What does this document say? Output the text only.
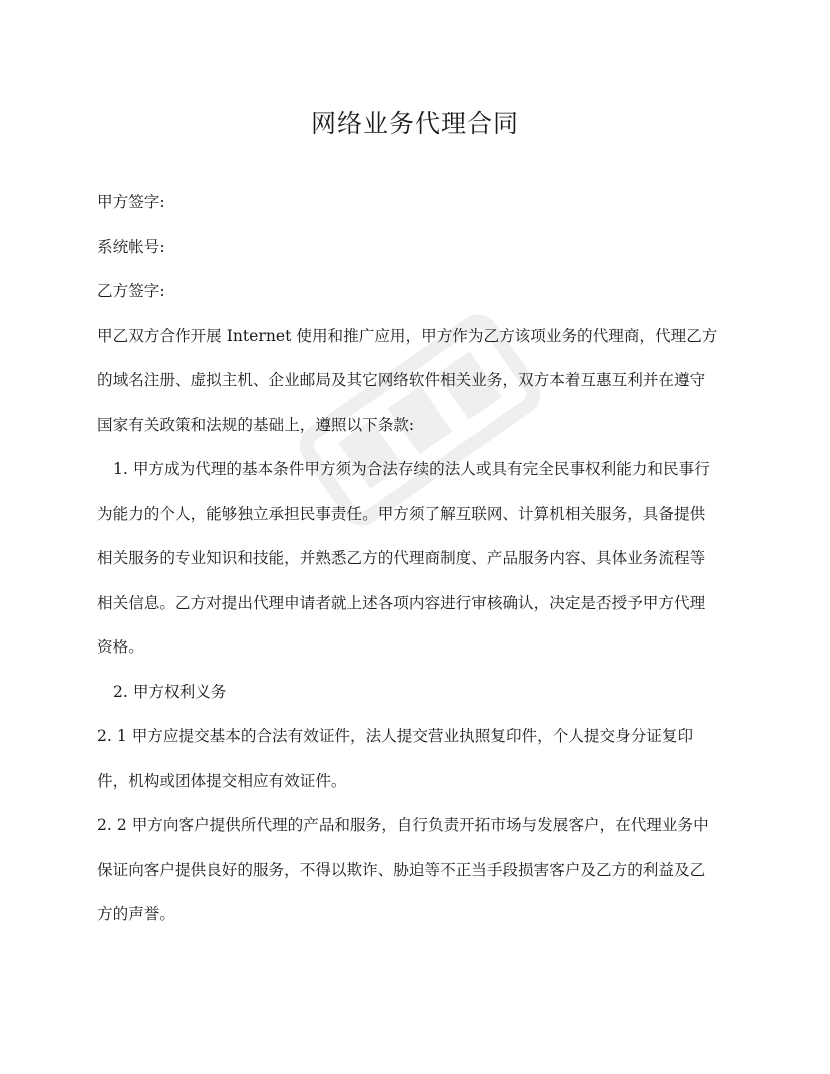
网络业务代理合同
甲方签字:
系统帐号:
乙方签字:
甲乙双方合作开展 Internet 使用和推广应用，甲方作为乙方该项业务的代理商，代理乙方
的域名注册、虚拟主机、企业邮局及其它网络软件相关业务，双方本着互惠互利并在遵守
国家有关政策和法规的基础上，遵照以下条款:
1. 甲方成为代理的基本条件甲方须为合法存续的法人或具有完全民事权利能力和民事行
为能力的个人，能够独立承担民事责任。甲方须了解互联网、计算机相关服务，具备提供
相关服务的专业知识和技能，并熟悉乙方的代理商制度、产品服务内容、具体业务流程等
相关信息。乙方对提出代理申请者就上述各项内容进行审核确认，决定是否授予甲方代理
资格。
2. 甲方权利义务
2. 1 甲方应提交基本的合法有效证件，法人提交营业执照复印件，个人提交身分证复印
件，机构或团体提交相应有效证件。
2. 2 甲方向客户提供所代理的产品和服务，自行负责开拓市场与发展客户，在代理业务中
保证向客户提供良好的服务，不得以欺诈、胁迫等不正当手段损害客户及乙方的利益及乙
方的声誉。
